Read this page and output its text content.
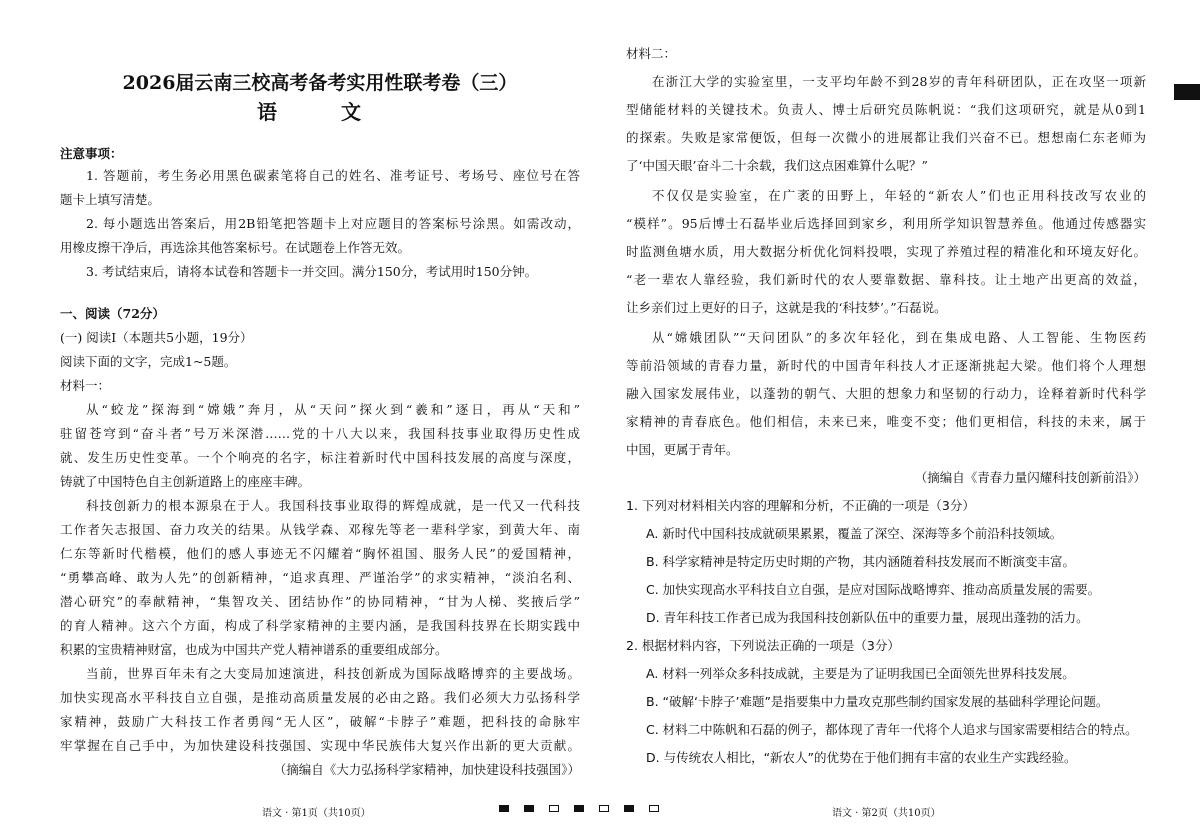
2026届云南三校高考备考实用性联考卷（三）
语　文
注意事项：
1. 答题前，考生务必用黑色碳素笔将自己的姓名、准考证号、考场号、座位号在答
题卡上填写清楚。
2. 每小题选出答案后，用2B铅笔把答题卡上对应题目的答案标号涂黑。如需改动，
用橡皮擦干净后，再选涂其他答案标号。在试题卷上作答无效。
3. 考试结束后，请将本试卷和答题卡一并交回。满分150分，考试用时150分钟。
一、阅读（72分）
(一) 阅读Ⅰ（本题共5小题，19分）
阅读下面的文字，完成1~5题。
材料一：
从“蛟龙”探海到“嫦娥”奔月，从“天问”探火到“羲和”逐日，再从“天和”
驻留苍穹到“奋斗者”号万米深潜……党的十八大以来，我国科技事业取得历史性成
就、发生历史性变革。一个个响亮的名字，标注着新时代中国科技发展的高度与深度，
铸就了中国特色自主创新道路上的座座丰碑。
科技创新力的根本源泉在于人。我国科技事业取得的辉煌成就，是一代又一代科技
工作者矢志报国、奋力攻关的结果。从钱学森、邓稼先等老一辈科学家，到黄大年、南
仁东等新时代楷模，他们的感人事迹无不闪耀着“胸怀祖国、服务人民”的爱国精神，
“勇攀高峰、敢为人先”的创新精神，“追求真理、严谨治学”的求实精神，“淡泊名利、
潜心研究”的奉献精神，“集智攻关、团结协作”的协同精神，“甘为人梯、奖掖后学”
的育人精神。这六个方面，构成了科学家精神的主要内涵，是我国科技界在长期实践中
积累的宝贵精神财富，也成为中国共产党人精神谱系的重要组成部分。
当前，世界百年未有之大变局加速演进，科技创新成为国际战略博弈的主要战场。
加快实现高水平科技自立自强，是推动高质量发展的必由之路。我们必须大力弘扬科学
家精神，鼓励广大科技工作者勇闯“无人区”，破解“卡脖子”难题，把科技的命脉牢
牢掌握在自己手中，为加快建设科技强国、实现中华民族伟大复兴作出新的更大贡献。
（摘编自《大力弘扬科学家精神，加快建设科技强国》）
材料二：
在浙江大学的实验室里，一支平均年龄不到28岁的青年科研团队，正在攻坚一项新
型储能材料的关键技术。负责人、博士后研究员陈帆说：“我们这项研究，就是从0到1
的探索。失败是家常便饭，但每一次微小的进展都让我们兴奋不已。想想南仁东老师为
了‘中国天眼’奋斗二十余载，我们这点困难算什么呢？”
不仅仅是实验室，在广袤的田野上，年轻的“新农人”们也正用科技改写农业的
“模样”。95后博士石磊毕业后选择回到家乡，利用所学知识智慧养鱼。他通过传感器实
时监测鱼塘水质，用大数据分析优化饲料投喂，实现了养殖过程的精准化和环境友好化。
“老一辈农人靠经验，我们新时代的农人要靠数据、靠科技。让土地产出更高的效益，
让乡亲们过上更好的日子，这就是我的‘科技梦’。”石磊说。
从“嫦娥团队”“天问团队”的多次年轻化，到在集成电路、人工智能、生物医药
等前沿领域的青春力量，新时代的中国青年科技人才正逐渐挑起大梁。他们将个人理想
融入国家发展伟业，以蓬勃的朝气、大胆的想象力和坚韧的行动力，诠释着新时代科学
家精神的青春底色。他们相信，未来已来，唯变不变；他们更相信，科技的未来，属于
中国，更属于青年。
（摘编自《青春力量闪耀科技创新前沿》）
1. 下列对材料相关内容的理解和分析，不正确的一项是（3分）
A. 新时代中国科技成就硕果累累，覆盖了深空、深海等多个前沿科技领域。
B. 科学家精神是特定历史时期的产物，其内涵随着科技发展而不断演变丰富。
C. 加快实现高水平科技自立自强，是应对国际战略博弈、推动高质量发展的需要。
D. 青年科技工作者已成为我国科技创新队伍中的重要力量，展现出蓬勃的活力。
2. 根据材料内容，下列说法正确的一项是（3分）
A. 材料一列举众多科技成就，主要是为了证明我国已全面领先世界科技发展。
B. “破解‘卡脖子’难题”是指要集中力量攻克那些制约国家发展的基础科学理论问题。
C. 材料二中陈帆和石磊的例子，都体现了青年一代将个人追求与国家需要相结合的特点。
D. 与传统农人相比，“新农人”的优势在于他们拥有丰富的农业生产实践经验。
语文 · 第1页（共10页）	语文 · 第2页（共10页）
